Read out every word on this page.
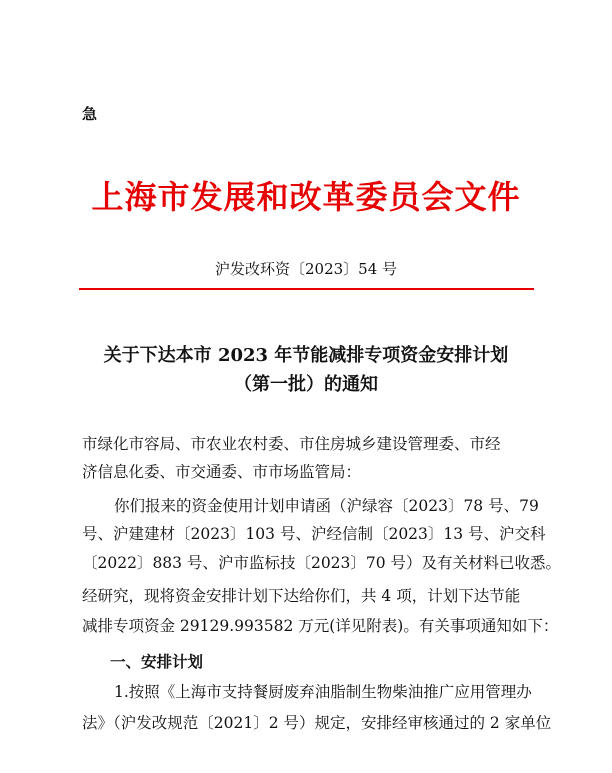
急
上海市发展和改革委员会文件
沪发改环资〔2023〕54 号
关于下达本市 2023 年节能减排专项资金安排计划
（第一批）的通知
市绿化市容局、市农业农村委、市住房城乡建设管理委、市经
济信息化委、市交通委、市市场监管局：
你们报来的资金使用计划申请函（沪绿容〔2023〕78 号、79
号、沪建建材〔2023〕103 号、沪经信制〔2023〕13 号、沪交科
〔2022〕883 号、沪市监标技〔2023〕70 号）及有关材料已收悉。
经研究，现将资金安排计划下达给你们，共 4 项，计划下达节能
减排专项资金 29129.993582 万元(详见附表)。有关事项通知如下：
一、安排计划
1.按照《上海市支持餐厨废弃油脂制生物柴油推广应用管理办
法》（沪发改规范〔2021〕2 号）规定，安排经审核通过的 2 家单位
